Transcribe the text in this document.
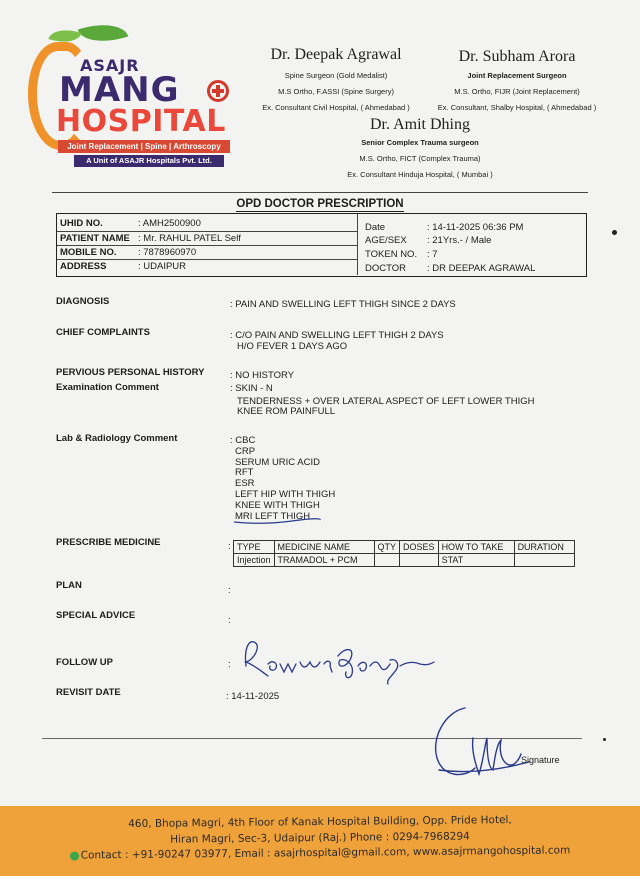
ASAJR
MANG
HOSPITAL
Joint Replacement | Spine | Arthroscopy
A Unit of ASAJR Hospitals Pvt. Ltd.
Dr. Deepak Agrawal
Spine Surgeon (Gold Medalist)
M.S Ortho, F.ASSI (Spine Surgery)
Ex. Consultant Civil Hospital, ( Ahmedabad )
Dr. Subham Arora
Joint Replacement Surgeon
M.S. Ortho, FIJR (Joint Replacement)
Ex. Consultant, Shalby Hospital, ( Ahmedabad )
Dr. Amit Dhing
Senior Complex Trauma surgeon
M.S. Ortho, FICT (Complex Trauma)
Ex. Consultant Hinduja Hospital, ( Mumbai )
OPD DOCTOR PRESCRIPTION
UHID NO.	: AMH2500900
PATIENT NAME : Mr. RAHUL PATEL Self
MOBILE NO. : 7878960970
ADDRESS	: UDAIPUR
Date	: 14-11-2025 06:36 PM
AGE/SEX : 21Yrs.- / Male
TOKEN NO. : 7
DOCTOR : DR DEEPAK AGRAWAL
DIAGNOSIS	: PAIN AND SWELLING LEFT THIGH SINCE 2 DAYS
CHIEF COMPLAINTS	: C/O PAIN AND SWELLING LEFT THIGH 2 DAYS
H/O FEVER 1 DAYS AGO
PERVIOUS PERSONAL HISTORY	: NO HISTORY
Examination Comment	: SKIN - N
TENDERNESS + OVER LATERAL ASPECT OF LEFT LOWER THIGH
KNEE ROM PAINFULL
Lab & Radiology Comment	: CBC
CRP
SERUM URIC ACID
RFT
ESR
LEFT HIP WITH THIGH
KNEE WITH THIGH
MRI LEFT THIGH
PRESCRIBE MEDICINE	: TYPE	MEDICINE NAME	QTY	DOSES	HOW TO TAKE	DURATION
Injection	TRAMADOL + PCM			STAT	
PLAN	:
SPECIAL ADVICE	:
FOLLOW UP	:
REVISIT DATE	: 14-11-2025
Signature
460, Bhopa Magri, 4th Floor of Kanak Hospital Building, Opp. Pride Hotel,
Hiran Magri, Sec-3, Udaipur (Raj.) Phone : 0294-7968294
Contact : +91-90247 03977, Email : asajrhospital@gmail.com, www.asajrmangohospital.com
